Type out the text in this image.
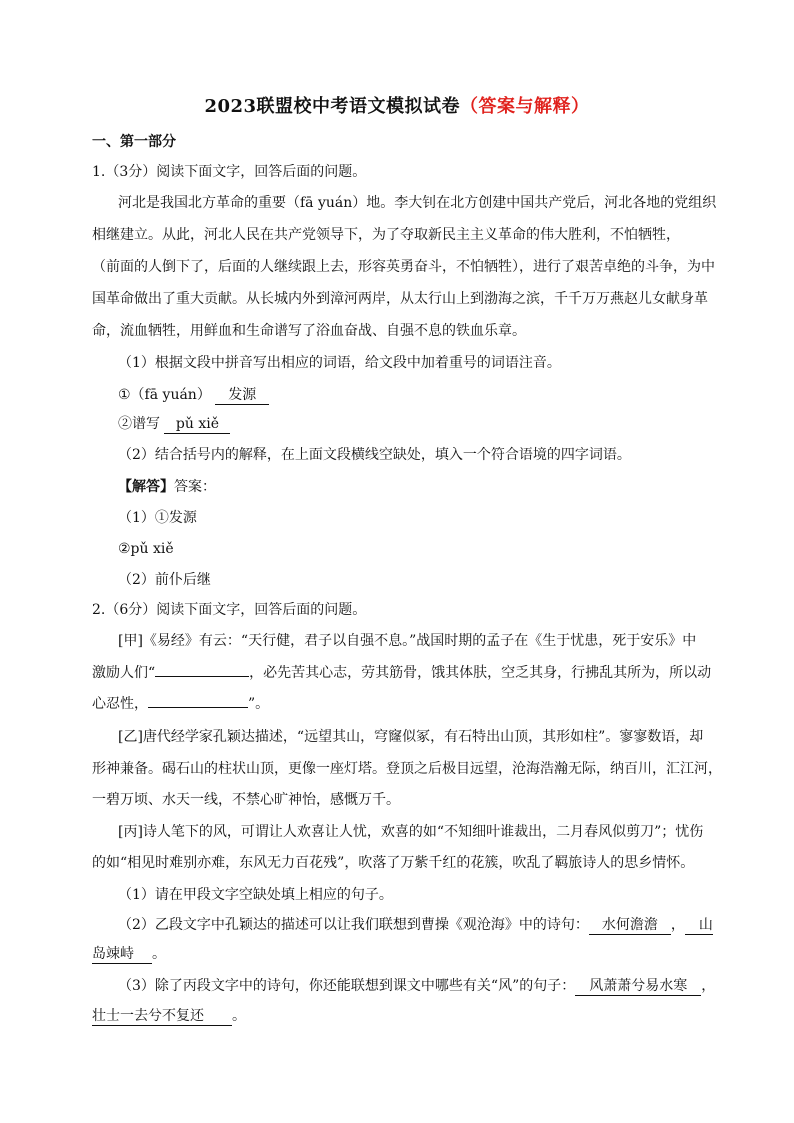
2023联盟校中考语文模拟试卷（答案与解释）
一、第一部分
1.（3分）阅读下面文字，回答后面的问题。
河北是我国北方革命的重要（fā yuán）地。李大钊在北方创建中国共产党后，河北各地的党组织
相继建立。从此，河北人民在共产党领导下，为了夺取新民主主义革命的伟大胜利，不怕牺牲，
（前面的人倒下了，后面的人继续跟上去，形容英勇奋斗，不怕牺牲），进行了艰苦卓绝的斗争，为中
国革命做出了重大贡献。从长城内外到漳河两岸，从太行山上到渤海之滨，千千万万燕赵儿女献身革
命，流血牺牲，用鲜血和生命谱写了浴血奋战、自强不息的铁血乐章。
（1）根据文段中拼音写出相应的词语，给文段中加着重号的词语注音。
①（fā yuán） 发源
②谱写 pǔ xiě
（2）结合括号内的解释，在上面文段横线空缺处，填入一个符合语境的四字词语。
【解答】答案：
（1）①发源
②pǔ xiě
（2）前仆后继
2.（6分）阅读下面文字，回答后面的问题。
[甲]《易经》有云：“天行健，君子以自强不息。”战国时期的孟子在《生于忧患，死于安乐》中
激励人们“	，必先苦其心志，劳其筋骨，饿其体肤，空乏其身，行拂乱其所为，所以动
心忍性，	”。
[乙]唐代经学家孔颖达描述，“远望其山，穹窿似冢，有石特出山顶，其形如柱”。寥寥数语，却
形神兼备。碣石山的柱状山顶，更像一座灯塔。登顶之后极目远望，沧海浩瀚无际，纳百川，汇江河，
一碧万顷、水天一线，不禁心旷神怡，感慨万千。
[丙]诗人笔下的风，可谓让人欢喜让人忧，欢喜的如“不知细叶谁裁出，二月春风似剪刀”；忧伤
的如“相见时难别亦难，东风无力百花残”，吹落了万紫千红的花簇，吹乱了羁旅诗人的思乡情怀。
（1）请在甲段文字空缺处填上相应的句子。
（2）乙段文字中孔颖达的描述可以让我们联想到曹操《观沧海》中的诗句： 水何澹澹 ， 山
岛竦峙 。
（3）除了丙段文字中的诗句，你还能联想到课文中哪些有关“风”的句子： 风萧萧兮易水寒 ，
壮士一去兮不复还 。
